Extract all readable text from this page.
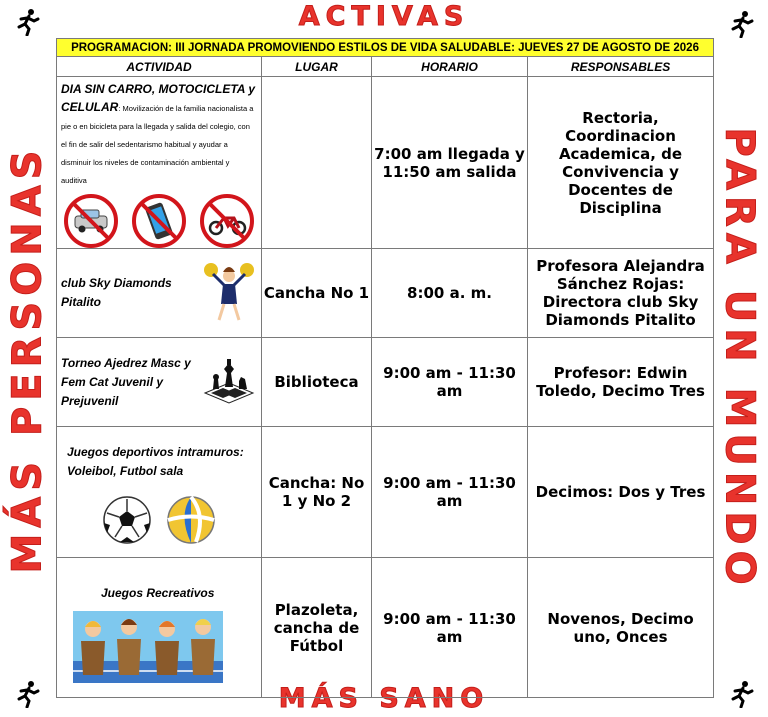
ACTIVAS
MÁS SANO
MÁS PERSONAS	PARA UN MUNDO
PROGRAMACION: III JORNADA PROMOVIENDO ESTILOS DE VIDA SALUDABLE: JUEVES 27 DE AGOSTO DE 2026			
ACTIVIDAD	LUGAR	HORARIO	RESPONSABLES

DIA SIN CARRO, MOTOCICLETA y CELULAR: Movilización de la familia nacionalista a pie o en bicicleta para la llegada y salida del colegio, con el fin de salir del sedentarismo habitual y ayudar a disminuir los niveles de contaminación ambiental y auditiva		7:00 am llegada y 11:50 am salida	Rectoria, Coordinacion Academica, de Convivencia y Docentes de Disciplina

club Sky Diamonds Pitalito	Cancha No 1	8:00 a. m.	Profesora Alejandra Sánchez Rojas: Directora club Sky Diamonds Pitalito

Torneo Ajedrez Masc y Fem Cat Juvenil y Prejuvenil	Biblioteca	9:00 am - 11:30 am	Profesor: Edwin Toledo, Decimo Tres

Juegos deportivos intramuros: Voleibol, Futbol sala	Cancha: No 1 y No 2	9:00 am - 11:30 am	Decimos: Dos y Tres

Juegos Recreativos	Plazoleta, cancha de Fútbol	9:00 am - 11:30 am	Novenos, Decimo uno, Onces
